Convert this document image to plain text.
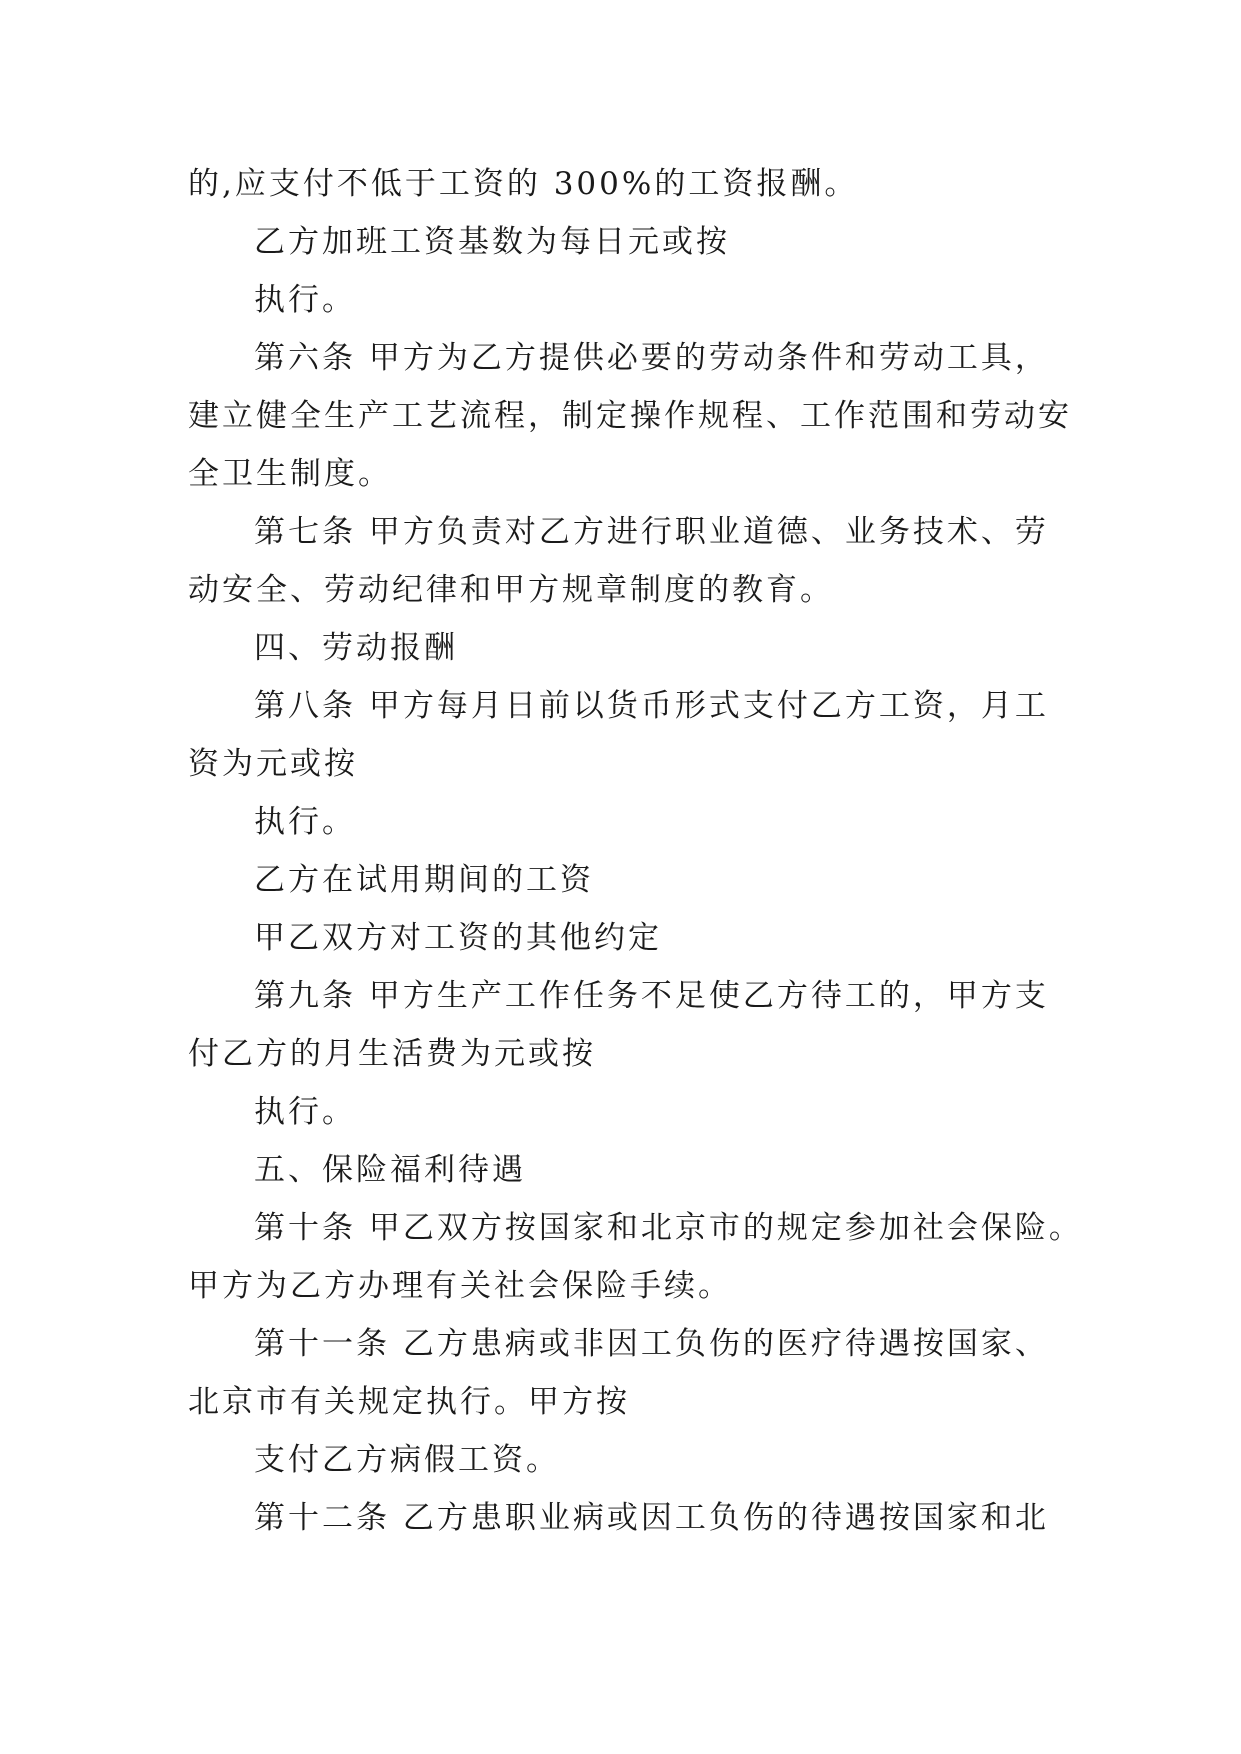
的,应支付不低于工资的 300%的工资报酬。
乙方加班工资基数为每日元或按
执行。
第六条 甲方为乙方提供必要的劳动条件和劳动工具，
建立健全生产工艺流程，制定操作规程、工作范围和劳动安
全卫生制度。
第七条 甲方负责对乙方进行职业道德、业务技术、劳
动安全、劳动纪律和甲方规章制度的教育。
四、劳动报酬
第八条 甲方每月日前以货币形式支付乙方工资，月工
资为元或按
执行。
乙方在试用期间的工资
甲乙双方对工资的其他约定
第九条 甲方生产工作任务不足使乙方待工的，甲方支
付乙方的月生活费为元或按
执行。
五、保险福利待遇
第十条 甲乙双方按国家和北京市的规定参加社会保险。
甲方为乙方办理有关社会保险手续。
第十一条 乙方患病或非因工负伤的医疗待遇按国家、
北京市有关规定执行。甲方按
支付乙方病假工资。
第十二条 乙方患职业病或因工负伤的待遇按国家和北
